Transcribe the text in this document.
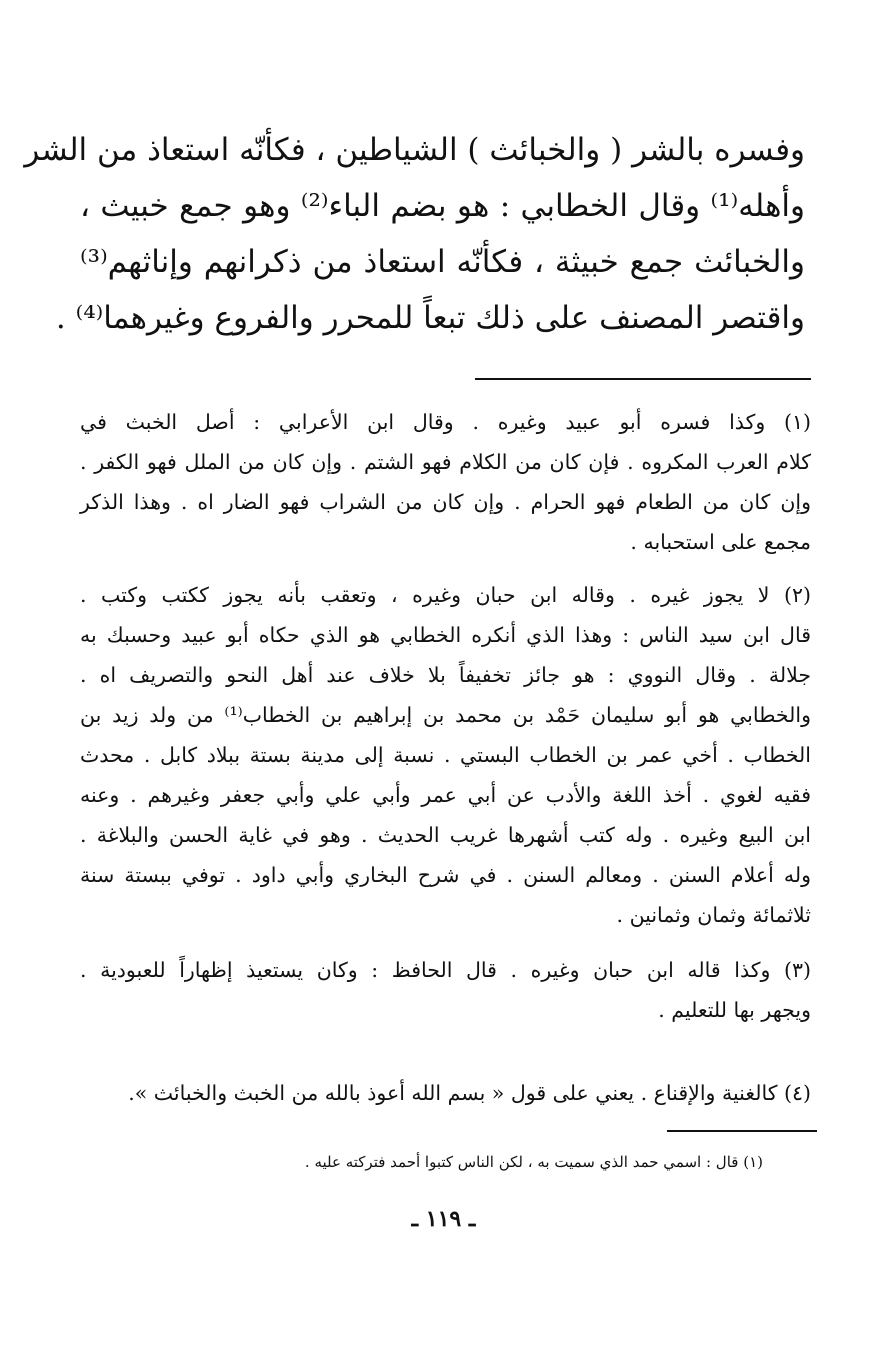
وفسره بالشر ( والخبائث ) الشياطين ، فكأنّه استعاذ من الشر
وأهله⁽¹⁾ وقال الخطابي : هو بضم الباء⁽²⁾ وهو جمع خبيث ،
والخبائث جمع خبيثة ، فكأنّه استعاذ من ذكرانهم وإناثهم⁽³⁾
واقتصر المصنف على ذلك تبعاً للمحرر والفروع وغيرهما⁽⁴⁾ .
(١) وكذا فسره أبو عبيد وغيره . وقال ابن الأعرابي : أصل الخبث في
كلام العرب المكروه . فإن كان من الكلام فهو الشتم . وإن كان من الملل فهو الكفر .
وإن كان من الطعام فهو الحرام . وإن كان من الشراب فهو الضار اه . وهذا الذكر
مجمع على استحبابه .
(٢) لا يجوز غيره . وقاله ابن حبان وغيره ، وتعقب بأنه يجوز ككتب وكتب .
قال ابن سيد الناس : وهذا الذي أنكره الخطابي هو الذي حكاه أبو عبيد وحسبك به
جلالة . وقال النووي : هو جائز تخفيفاً بلا خلاف عند أهل النحو والتصريف اه .
والخطابي هو أبو سليمان حَمْد بن محمد بن إبراهيم بن الخطاب⁽¹⁾ من ولد زيد بن
الخطاب . أخي عمر بن الخطاب البستي . نسبة إلى مدينة بستة ببلاد كابل . محدث
فقيه لغوي . أخذ اللغة والأدب عن أبي عمر وأبي علي وأبي جعفر وغيرهم . وعنه
ابن البيع وغيره . وله كتب أشهرها غريب الحديث . وهو في غاية الحسن والبلاغة .
وله أعلام السنن . ومعالم السنن . في شرح البخاري وأبي داود . توفي ببستة سنة
ثلاثمائة وثمان وثمانين .
(٣) وكذا قاله ابن حبان وغيره . قال الحافظ : وكان يستعيذ إظهاراً للعبودية .
ويجهر بها للتعليم .
(٤) كالغنية والإقناع . يعني على قول « بسم الله أعوذ بالله من الخبث والخبائث ».
(١) قال : اسمي حمد الذي سميت به ، لكن الناس كتبوا أحمد فتركته عليه .
ـ ١١٩ ـ
